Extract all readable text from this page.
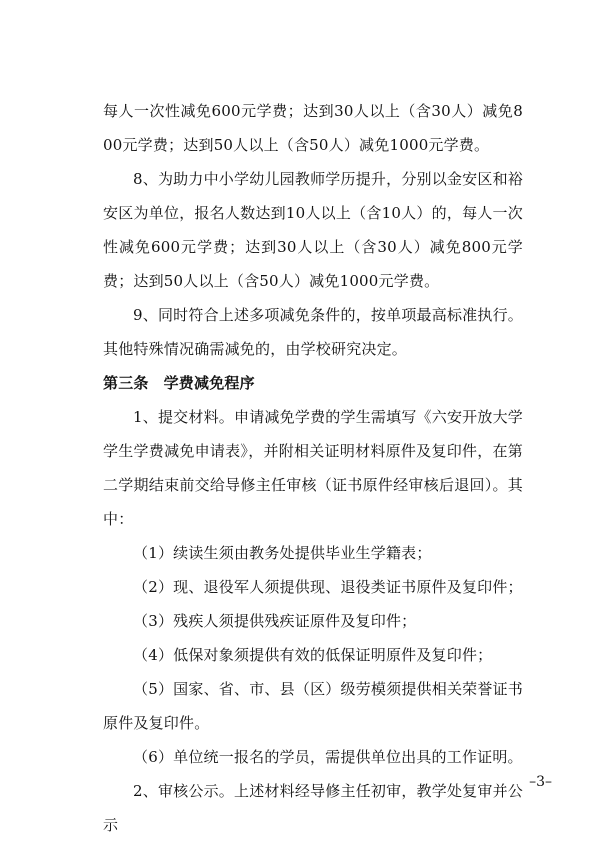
每人一次性减免600元学费；达到30人以上（含30人）减免800元学费；达到50人以上（含50人）减免1000元学费。

8、为助力中小学幼儿园教师学历提升，分别以金安区和裕安区为单位，报名人数达到10人以上（含10人）的，每人一次性减免600元学费；达到30人以上（含30人）减免800元学费；达到50人以上（含50人）减免1000元学费。

9、同时符合上述多项减免条件的，按单项最高标准执行。其他特殊情况确需减免的，由学校研究决定。

第三条 学费减免程序

1、提交材料。申请减免学费的学生需填写《六安开放大学学生学费减免申请表》，并附相关证明材料原件及复印件，在第二学期结束前交给导修主任审核（证书原件经审核后退回）。其中：

（1）续读生须由教务处提供毕业生学籍表；

（2）现、退役军人须提供现、退役类证书原件及复印件；

（3）残疾人须提供残疾证原件及复印件；

（4）低保对象须提供有效的低保证明原件及复印件；

（5）国家、省、市、县（区）级劳模须提供相关荣誉证书原件及复印件。

（6）单位统一报名的学员，需提供单位出具的工作证明。

2、审核公示。上述材料经导修主任初审，教学处复审并公示

–3–
